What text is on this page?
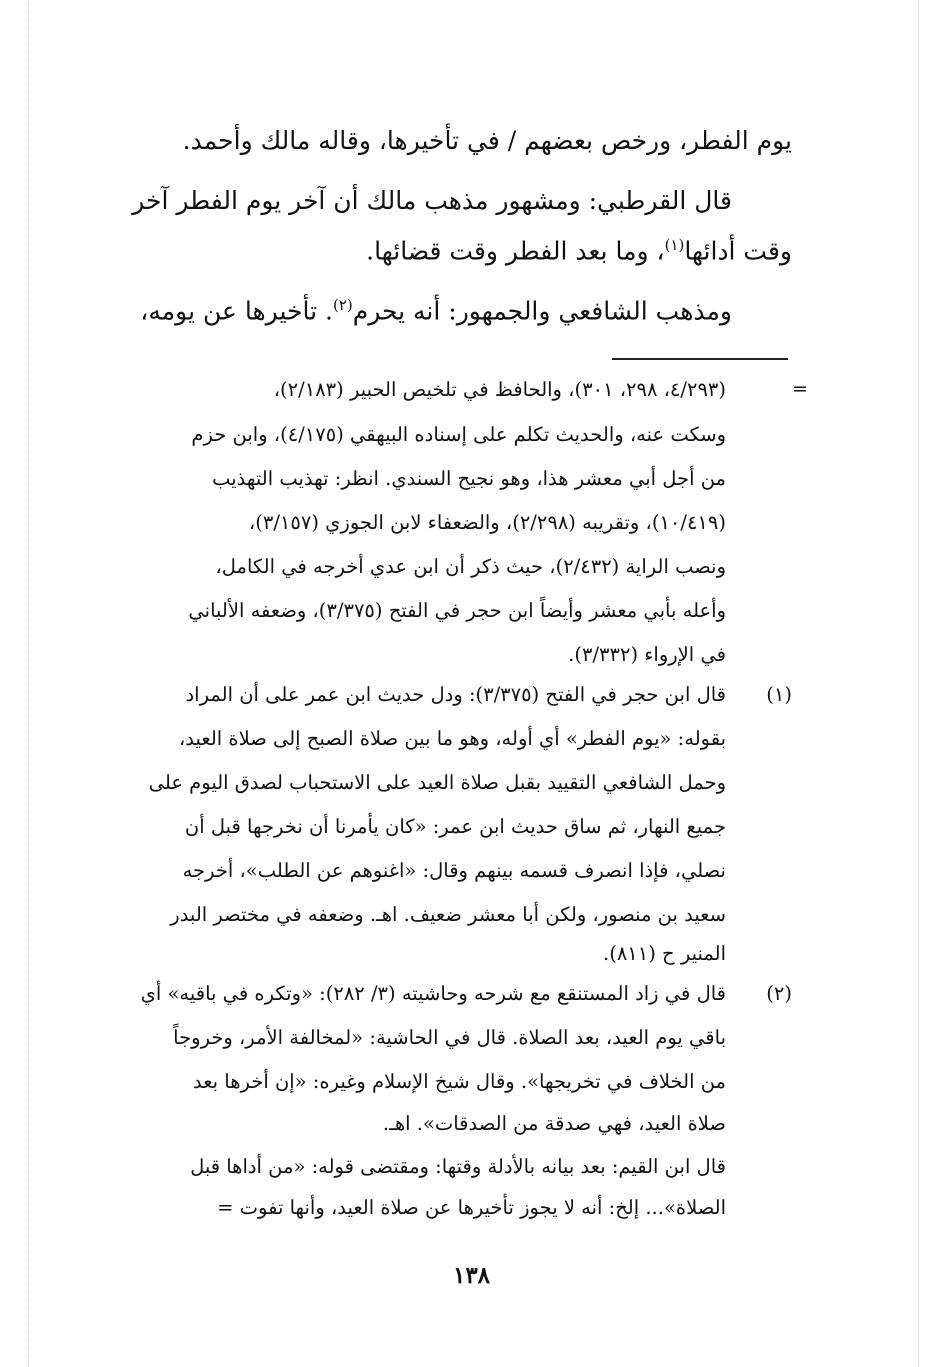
يوم الفطر، ورخص بعضهم / في تأخيرها، وقاله مالك وأحمد.
قال القرطبي: ومشهور مذهب مالك أن آخر يوم الفطر آخر
وقت أدائها$^{(١)}$، وما بعد الفطر وقت قضائها.
ومذهب الشافعي والجمهور: أنه يحرم$^{(٢)}$. تأخيرها عن يومه،
=
(٤/٢٩٣، ٢٩٨، ٣٠١)، والحافظ في تلخيص الحبير (٢/١٨٣)،
وسكت عنه، والحديث تكلم على إسناده البيهقي (٤/١٧٥)، وابن حزم
من أجل أبي معشر هذا، وهو نجيح السندي. انظر: تهذيب التهذيب
(١٠/٤١٩)، وتقريبه (٢/٢٩٨)، والضعفاء لابن الجوزي (٣/١٥٧)،
ونصب الراية (٢/٤٣٢)، حيث ذكر أن ابن عدي أخرجه في الكامل،
وأعله بأبي معشر وأيضاً ابن حجر في الفتح (٣/٣٧٥)، وضعفه الألباني
في الإرواء (٣/٣٣٢).
(١)
قال ابن حجر في الفتح (٣/٣٧٥): ودل حديث ابن عمر على أن المراد
بقوله: «يوم الفطر» أي أوله، وهو ما بين صلاة الصبح إلى صلاة العيد،
وحمل الشافعي التقييد بقبل صلاة العيد على الاستحباب لصدق اليوم على
جميع النهار، ثم ساق حديث ابن عمر: «كان يأمرنا أن نخرجها قبل أن
نصلي، فإذا انصرف قسمه بينهم وقال: «اغنوهم عن الطلب»، أخرجه
سعيد بن منصور، ولكن أبا معشر ضعيف. اهـ. وضعفه في مختصر البدر
المنير ح (٨١١).
(٢)
قال في زاد المستنقع مع شرحه وحاشيته (٣/ ٢٨٢): «وتكره في باقيه» أي
باقي يوم العيد، بعد الصلاة. قال في الحاشية: «لمخالفة الأمر، وخروجاً
من الخلاف في تخريجها». وقال شيخ الإسلام وغيره: «إن أخرها بعد
صلاة العيد، فهي صدقة من الصدقات». اهـ.
قال ابن القيم: بعد بيانه بالأدلة وقتها: ومقتضى قوله: «من أداها قبل
الصلاة»... إلخ: أنه لا يجوز تأخيرها عن صلاة العيد، وأنها تفوت =
١٣٨
